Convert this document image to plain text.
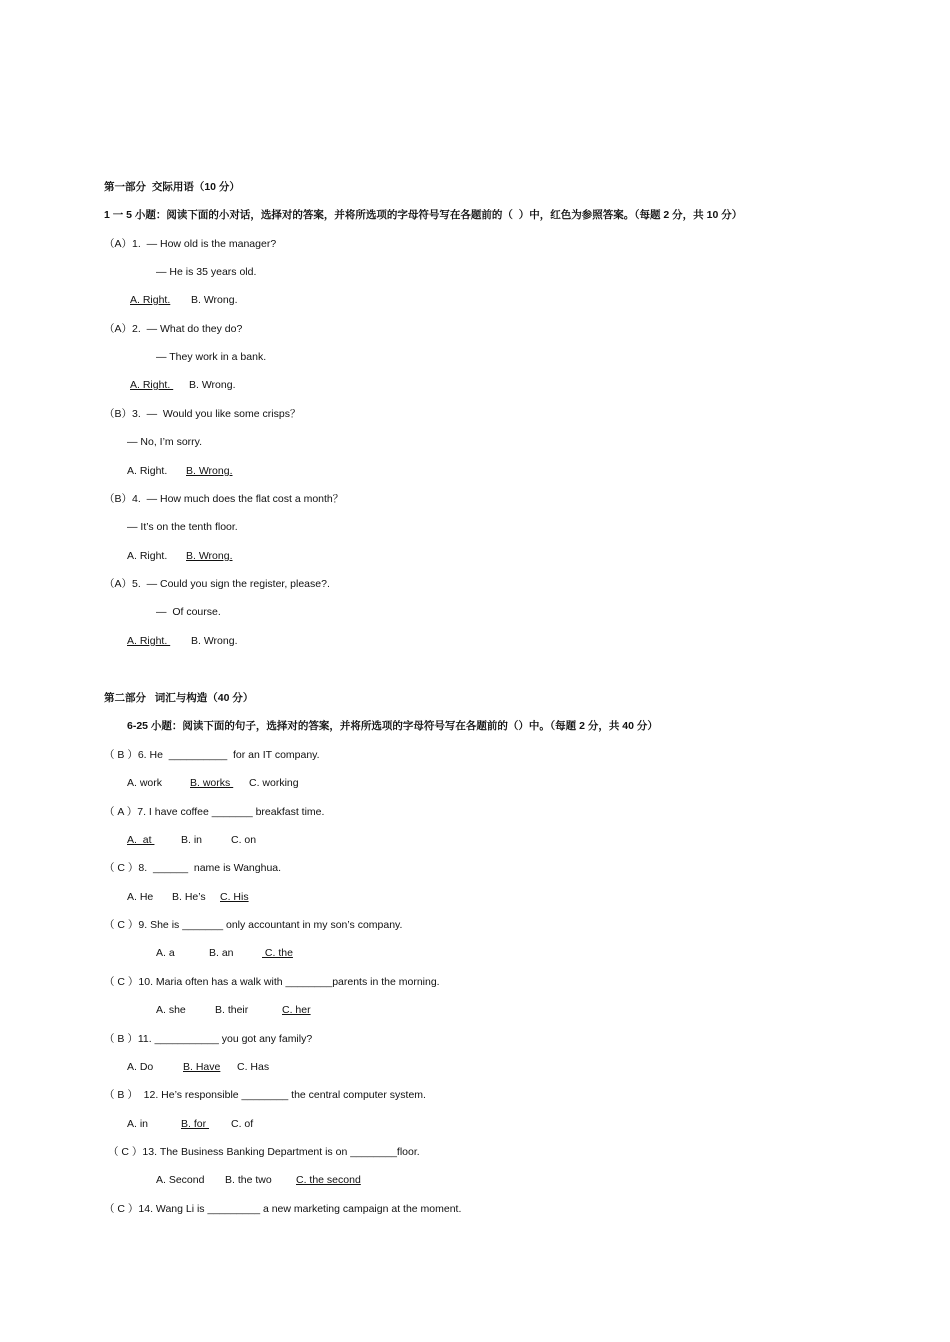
第一部分  交际用语（10 分）
1 一 5 小题：阅读下面的小对话，选择对的答案，并将所选项的字母符号写在各题前的（  ）中，红色为参照答案。（每题 2 分，共 10 分）
（A）1.  — How old is the manager?
— He is 35 years old.
A. Right. B. Wrong.
（A）2.  — What do they do?
— They work in a bank.
A. Right. B. Wrong.
（B）3.  —  Would you like some crisps？
— No, I’m sorry.
A. Right. B. Wrong.
（B）4.  — How much does the flat cost a month？
— It’s on the tenth floor.
A. Right. B. Wrong.
（A）5.  — Could you sign the register, please?.
—  Of course.
A. Right. B. Wrong.
第二部分   词汇与构造（40 分）
6-25 小题：阅读下面的句子，选择对的答案，并将所选项的字母符号写在各题前的（）中。（每题 2 分，共 40 分）
（ B ）6. He  __________  for an IT company.
A. work	B. works C. working
（ A ）7. I have coffee _______ breakfast time.
A.  at	B. in	C. on
（ C ）8.  ______  name is Wanghua.
A. He B. He’s C. His
（ C ）9. She is _______ only accountant in my son’s company.
A. a	B. an	C. the
（ C ）10. Maria often has a walk with ________parents in the morning.
A. she	B. their	C. her
（ B ）11. ___________ you got any family?
A. Do	B. Have C. Has
（ B ）  12. He’s responsible ________ the central computer system.
A. in	B. for C. of
（ C ）13. The Business Banking Department is on ________floor.
A. Second B. the two C. the second
（ C ）14. Wang Li is _________ a new marketing campaign at the moment.
